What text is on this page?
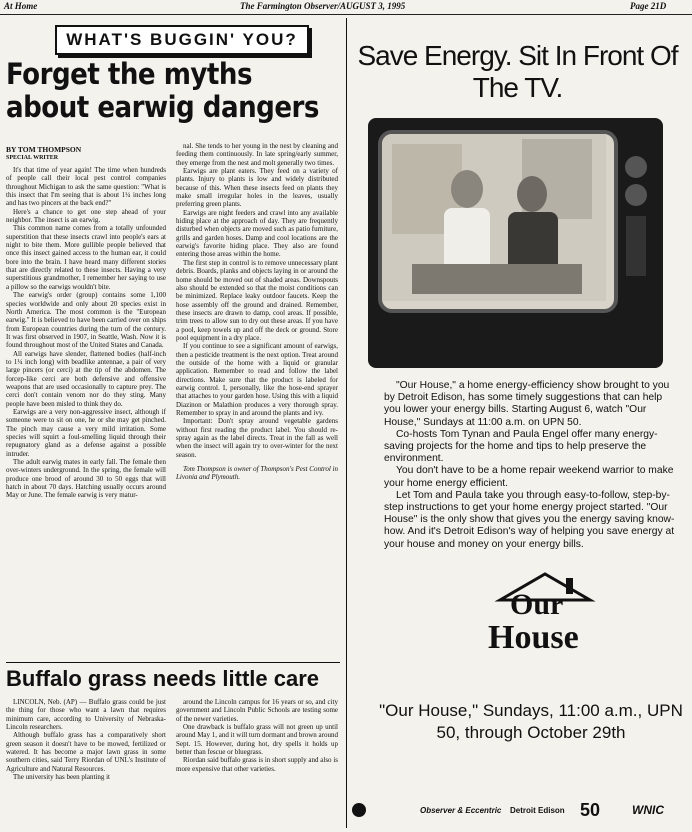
At Home	The Farmington Observer/AUGUST 3, 1995	Page 21D
WHAT'S BUGGIN' YOU?
Forget the myths about earwig dangers
BY TOM THOMPSON
SPECIAL WRITER

It's that time of year again! The time when hundreds of people call their local pest control companies throughout Michigan to ask the same question: "What is this insect that I'm seeing that is about 1¼ inches long and has two pincers at the back end?"

Here's a chance to get one step ahead of your neighbor. The insect is an earwig.

This common name comes from a totally unfounded superstition that these insects crawl into people's ears at night to bite them. More gullible people believed that once this insect gained access to the human ear, it could bore into the brain. I have heard many different stories that are directly related to these insects. Having a very superstitious grandmother, I remember her saying to use a pillow so the earwigs wouldn't bite.

The earwig's order (group) contains some 1,100 species worldwide and only about 20 species exist in North America. The most common is the "European earwig." It is believed to have been carried over on ships from European countries during the turn of the century. It was first observed in 1907, in Seattle, Wash. Now it is found throughout most of the United States and Canada.

All earwigs have slender, flattened bodies (half-inch to 1¼ inch long) with beadlike antennae, a pair of very large pincers (or cerci) at the tip of the abdomen. The forcep-like cerci are both defensive and offensive weapons that are used occasionally to capture prey. The cerci don't contain venom nor do they sting. Many people have been misled to think they do.

Earwigs are a very non-aggressive insect, although if someone were to sit on one, he or she may get pinched. The pinch may cause a very mild irritation. Some species will squirt a foul-smelling liquid through their repugnatory gland as a defense against a possible intruder.

The adult earwig mates in early fall. The female then over-winters underground. In the spring, the female will produce one brood of around 30 to 50 eggs that will hatch in about 70 days. Hatching usually occurs around May or June. The female earwig is very matur-

nal. She tends to her young in the nest by cleaning and feeding them continuously. In late spring/early summer, they emerge from the nest and molt generally two times.

Earwigs are plant eaters. They feed on a variety of plants. Injury to plants is low and widely distributed because of this. When these insects feed on plants they make small irregular holes in the leaves, usually preferring green plants.

Earwigs are night feeders and crawl into any available hiding place at the approach of day. They are frequently disturbed when objects are moved such as patio furniture, grills and garden hoses. Damp and cool locations are the earwig's favorite hiding place. They also are found entering those areas within the home.

The first step in control is to remove unnecessary plant debris. Boards, planks and objects laying in or around the home should be moved out of shaded areas. Downspouts also should be extended so that the moist conditions can be minimized. Replace leaky outdoor faucets. Keep the hose assembly off the ground and drained. Remember, these insects are drawn to damp, cool areas. If possible, trim trees to allow sun to dry out these areas. If you have a pool, keep towels up and off the deck or ground. Store pool equipment in a dry place.

If you continue to see a significant amount of earwigs, then a pesticide treatment is the next option. Treat around the outside of the home with a liquid or granular application. Remember to read and follow the label directions. Make sure that the product is labeled for earwig control. I, personally, like the hose-end sprayer that attaches to your garden hose. Using this with a liquid Diazinon or Malathion produces a very thorough spray. Remember to spray in and around the plants and ivy.

Important: Don't spray around vegetable gardens without first reading the product label. You should re-spray again as the label directs. Treat in the fall as well when the insect will again try to over-winter for the next season.

Tom Thompson is owner of Thompson's Pest Control in Livonia and Plymouth.

Buffalo grass needs little care

LINCOLN, Neb. (AP) — Buffalo grass could be just the thing for those who want a lawn that requires minimum care, according to University of Nebraska-Lincoln researchers.

Although buffalo grass has a comparatively short green season it doesn't have to be mowed, fertilized or watered. It has become a major lawn grass in some southern cities, said Terry Riordan of UNL's Institute of Agriculture and Natural Resources.

The university has been planting it

around the Lincoln campus for 16 years or so, and city government and Lincoln Public Schools are testing some of the newer varieties.

One drawback is buffalo grass will not green up until around May 1, and it will turn dormant and brown around Sept. 15. However, during hot, dry spells it holds up better than fescue or bluegrass.

Riordan said buffalo grass is in short supply and also is more expensive that other varieties.

Save Energy. Sit In Front Of The TV.

"Our House," a home energy-efficiency show brought to you by Detroit Edison, has some timely suggestions that can help you lower your energy bills. Starting August 6, watch "Our House," Sundays at 11:00 a.m. on UPN 50.

Co-hosts Tom Tynan and Paula Engel offer many energy-saving projects for the home and tips to help preserve the environment.

You don't have to be a home repair weekend warrior to make your home energy efficient.

Let Tom and Paula take you through easy-to-follow, step-by-step instructions to get your home energy project started. "Our House" is the only show that gives you the energy saving know-how. And it's Detroit Edison's way of helping you save energy at your house and money on your energy bills.

Our
House
"Our House," Sundays, 11:00 a.m., UPN 50, through October 29th
Observer & Eccentric Detroit Edison 50	WNIC
